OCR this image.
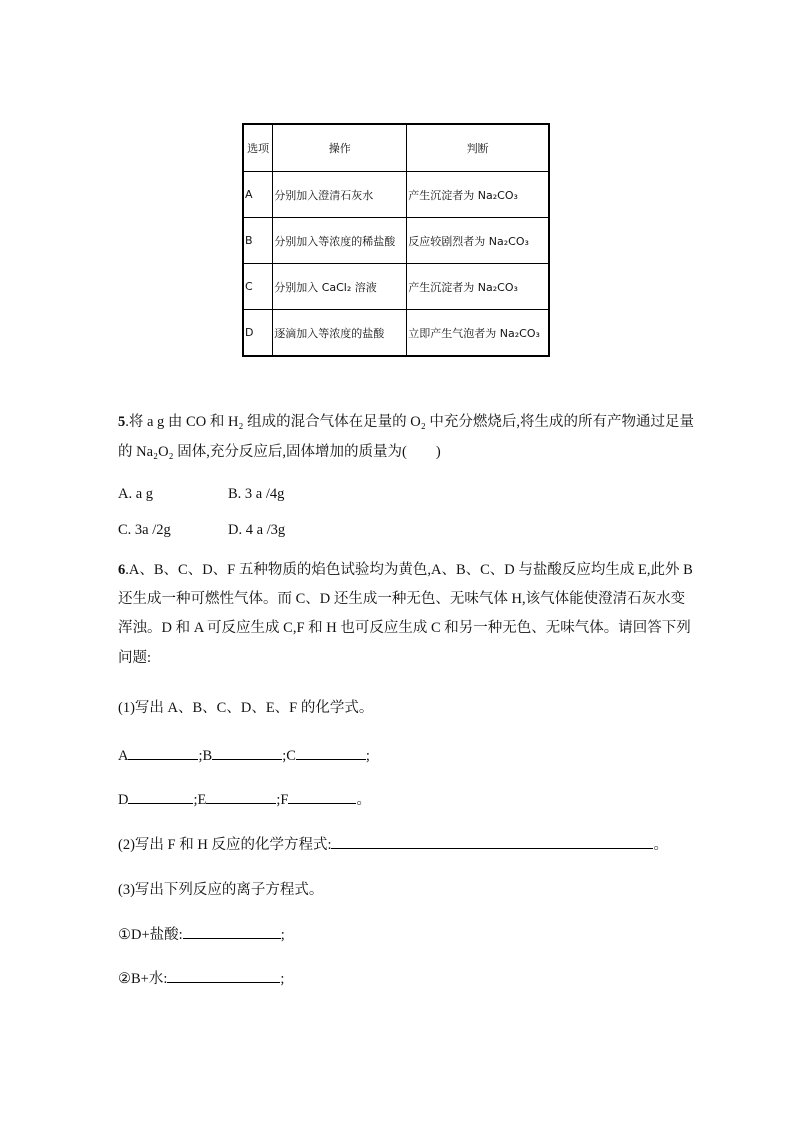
选项	操作	判断
A	分别加入澄清石灰水	产生沉淀者为 Na₂CO₃
B	分别加入等浓度的稀盐酸	反应较剧烈者为 Na₂CO₃
C	分别加入 CaCl₂ 溶液	产生沉淀者为 Na₂CO₃
D	逐滴加入等浓度的盐酸	立即产生气泡者为 Na₂CO₃
5.将 a g 由 CO 和 H₂ 组成的混合气体在足量的 O₂ 中充分燃烧后,将生成的所有产物通过足量
的 Na₂O₂ 固体,充分反应后,固体增加的质量为(　　)
A. a g	B. 3 a /4g
C. 3a /2g	D. 4 a /3g
6.A、B、C、D、F 五种物质的焰色试验均为黄色,A、B、C、D 与盐酸反应均生成 E,此外 B
还生成一种可燃性气体。而 C、D 还生成一种无色、无味气体 H,该气体能使澄清石灰水变
浑浊。D 和 A 可反应生成 C,F 和 H 也可反应生成 C 和另一种无色、无味气体。请回答下列
问题:
(1)写出 A、B、C、D、E、F 的化学式。
A	;B	;C	;
D	;E	;F	。
(2)写出 F 和 H 反应的化学方程式:	。
(3)写出下列反应的离子方程式。
①D+盐酸:	;
②B+水:	;
